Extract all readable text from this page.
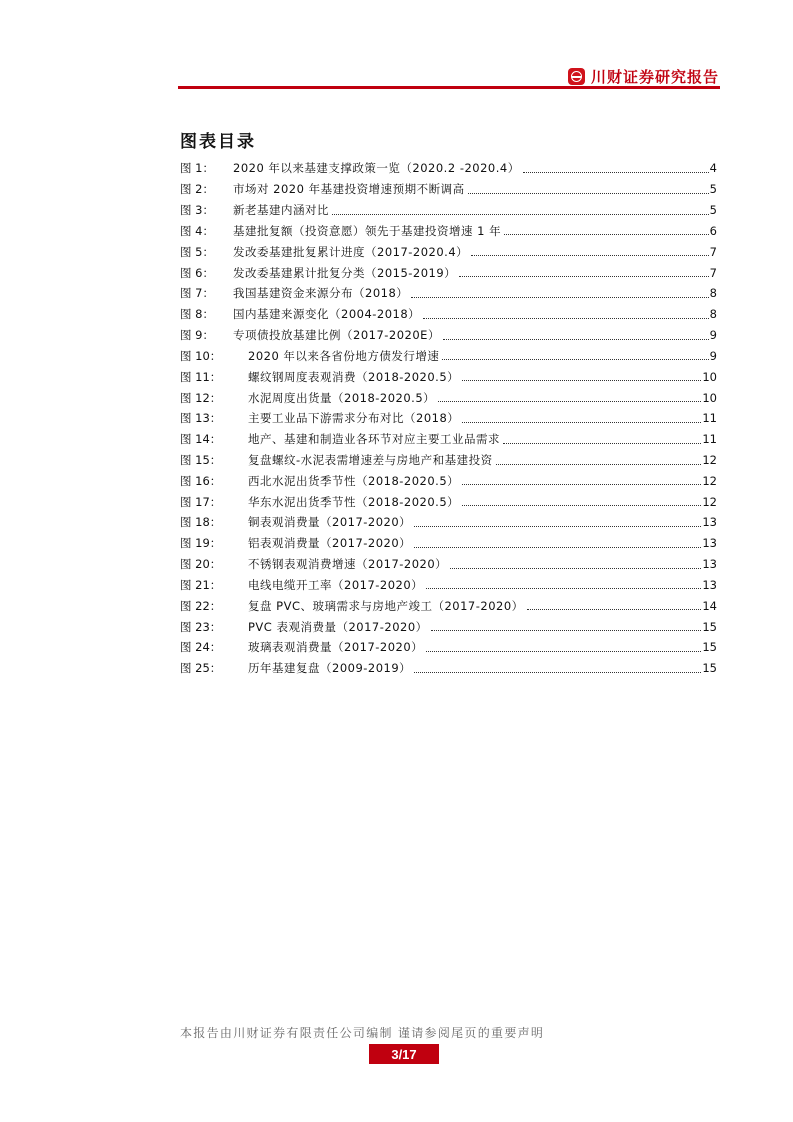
川财证券研究报告
图表目录
图 1：	2020 年以来基建支撑政策一览（2020.2 -2020.4）	4
图 2：	市场对 2020 年基建投资增速预期不断调高	5
图 3：	新老基建内涵对比	5
图 4：	基建批复额（投资意愿）领先于基建投资增速 1 年	6
图 5：	发改委基建批复累计进度（2017-2020.4）	7
图 6：	发改委基建累计批复分类（2015-2019）	7
图 7：	我国基建资金来源分布（2018）	8
图 8：	国内基建来源变化（2004-2018）	8
图 9：	专项债投放基建比例（2017-2020E）	9
图 10：	2020 年以来各省份地方债发行增速	9
图 11：	螺纹钢周度表观消费（2018-2020.5）	10
图 12：	水泥周度出货量（2018-2020.5）	10
图 13：	主要工业品下游需求分布对比（2018）	11
图 14：	地产、基建和制造业各环节对应主要工业品需求	11
图 15：	复盘螺纹-水泥表需增速差与房地产和基建投资	12
图 16：	西北水泥出货季节性（2018-2020.5）	12
图 17：	华东水泥出货季节性（2018-2020.5）	12
图 18：	铜表观消费量（2017-2020）	13
图 19：	铝表观消费量（2017-2020）	13
图 20：	不锈钢表观消费增速（2017-2020）	13
图 21：	电线电缆开工率（2017-2020）	13
图 22：	复盘 PVC、玻璃需求与房地产竣工（2017-2020）	14
图 23：	PVC 表观消费量（2017-2020）	15
图 24：	玻璃表观消费量（2017-2020）	15
图 25：	历年基建复盘（2009-2019）	15
本报告由川财证券有限责任公司编制 谨请参阅尾页的重要声明
3/17
